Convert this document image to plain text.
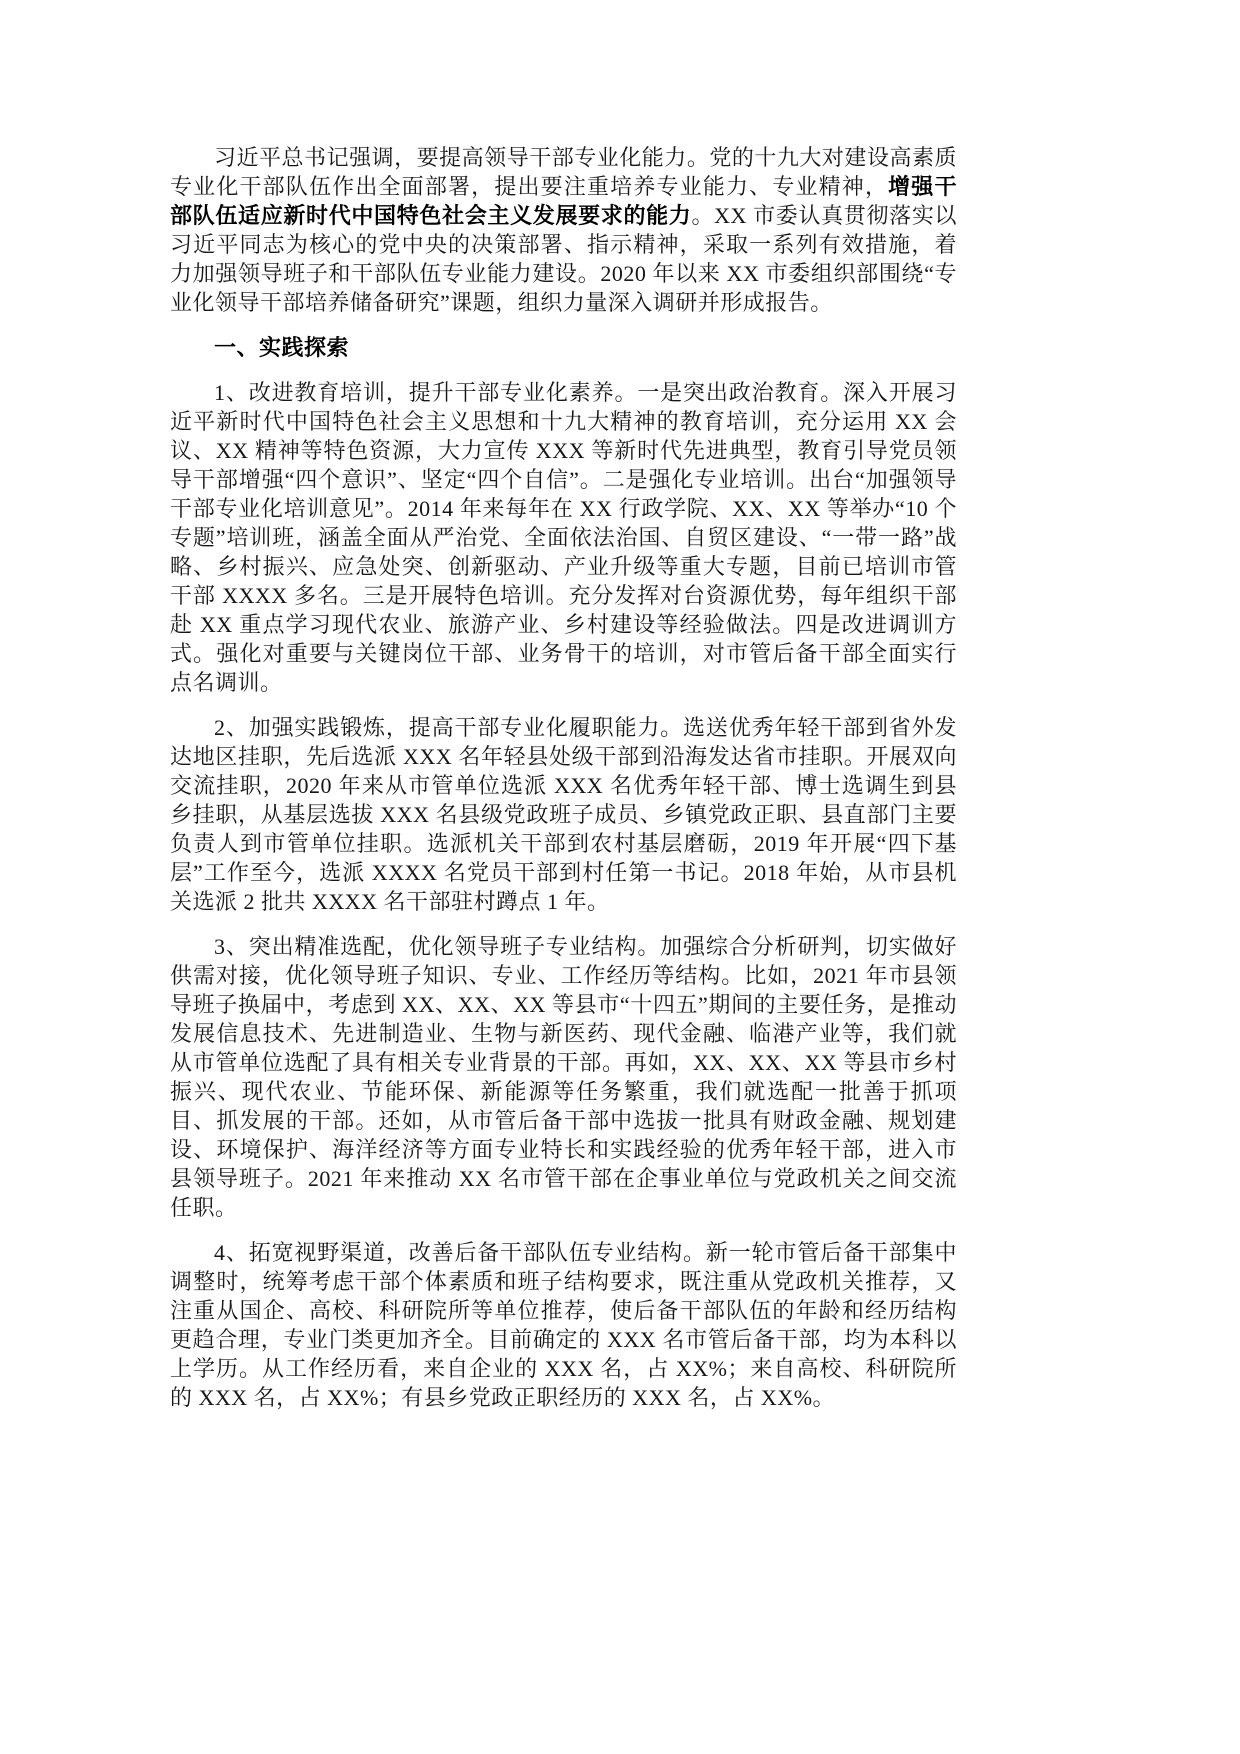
习近平总书记强调，要提高领导干部专业化能力。党的十九大对建设高素质专业化干部队伍作出全面部署，提出要注重培养专业能力、专业精神，增强干部队伍适应新时代中国特色社会主义发展要求的能力。XX 市委认真贯彻落实以习近平同志为核心的党中央的决策部署、指示精神，采取一系列有效措施，着力加强领导班子和干部队伍专业能力建设。2020 年以来 XX 市委组织部围绕“专业化领导干部培养储备研究”课题，组织力量深入调研并形成报告。

一、实践探索

1、改进教育培训，提升干部专业化素养。一是突出政治教育。深入开展习近平新时代中国特色社会主义思想和十九大精神的教育培训，充分运用 XX 会议、XX 精神等特色资源，大力宣传 XXX 等新时代先进典型，教育引导党员领导干部增强“四个意识”、坚定“四个自信”。二是强化专业培训。出台“加强领导干部专业化培训意见”。2014 年来每年在 XX 行政学院、XX、XX 等举办“10 个专题”培训班，涵盖全面从严治党、全面依法治国、自贸区建设、“一带一路”战略、乡村振兴、应急处突、创新驱动、产业升级等重大专题，目前已培训市管干部 XXXX 多名。三是开展特色培训。充分发挥对台资源优势，每年组织干部赴 XX 重点学习现代农业、旅游产业、乡村建设等经验做法。四是改进调训方式。强化对重要与关键岗位干部、业务骨干的培训，对市管后备干部全面实行点名调训。

2、加强实践锻炼，提高干部专业化履职能力。选送优秀年轻干部到省外发达地区挂职，先后选派 XXX 名年轻县处级干部到沿海发达省市挂职。开展双向交流挂职，2020 年来从市管单位选派 XXX 名优秀年轻干部、博士选调生到县乡挂职，从基层选拔 XXX 名县级党政班子成员、乡镇党政正职、县直部门主要负责人到市管单位挂职。选派机关干部到农村基层磨砺，2019 年开展“四下基层”工作至今，选派 XXXX 名党员干部到村任第一书记。2018 年始，从市县机关选派 2 批共 XXXX 名干部驻村蹲点 1 年。

3、突出精准选配，优化领导班子专业结构。加强综合分析研判，切实做好供需对接，优化领导班子知识、专业、工作经历等结构。比如，2021 年市县领导班子换届中，考虑到 XX、XX、XX 等县市“十四五”期间的主要任务，是推动发展信息技术、先进制造业、生物与新医药、现代金融、临港产业等，我们就从市管单位选配了具有相关专业背景的干部。再如，XX、XX、XX 等县市乡村振兴、现代农业、节能环保、新能源等任务繁重，我们就选配一批善于抓项目、抓发展的干部。还如，从市管后备干部中选拔一批具有财政金融、规划建设、环境保护、海洋经济等方面专业特长和实践经验的优秀年轻干部，进入市县领导班子。2021 年来推动 XX 名市管干部在企事业单位与党政机关之间交流任职。

4、拓宽视野渠道，改善后备干部队伍专业结构。新一轮市管后备干部集中调整时，统筹考虑干部个体素质和班子结构要求，既注重从党政机关推荐，又注重从国企、高校、科研院所等单位推荐，使后备干部队伍的年龄和经历结构更趋合理，专业门类更加齐全。目前确定的 XXX 名市管后备干部，均为本科以上学历。从工作经历看，来自企业的 XXX 名，占 XX%；来自高校、科研院所的 XXX 名，占 XX%；有县乡党政正职经历的 XXX 名，占 XX%。
